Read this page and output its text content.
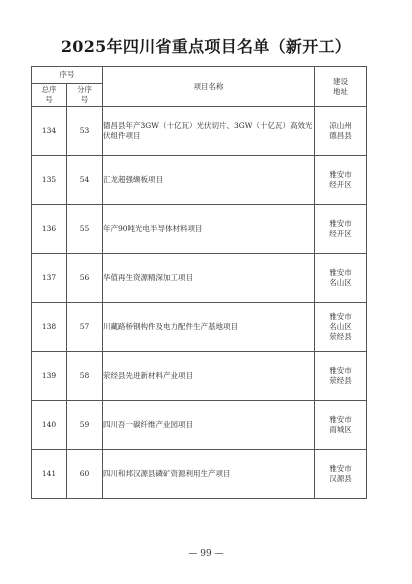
2025年四川省重点项目名单（新开工）
序号		项目名称	建设地址
总序号	分序号		
134	53	德昌县年产3GW（十亿瓦）光伏切片、3GW（十亿瓦）高效光伏组件项目	凉山州
德昌县

135	54	汇龙超强缬板项目	雅安市
经开区

136	55	年产90吨光电半导体材料项目	雅安市
经开区

137	56	华值再生资源精深加工项目	雅安市
名山区

138	57	川藏路桥钢构件及电力配件生产基地项目	雅安市
名山区
荥经县

139	58	荥经县先进新材料产业项目	雅安市
荥经县

140	59	四川吾一碳纤维产业园项目	雅安市
雨城区

141	60	四川和邦汉源县磷矿资源利用生产项目	雅安市
汉源县
— 99 —
